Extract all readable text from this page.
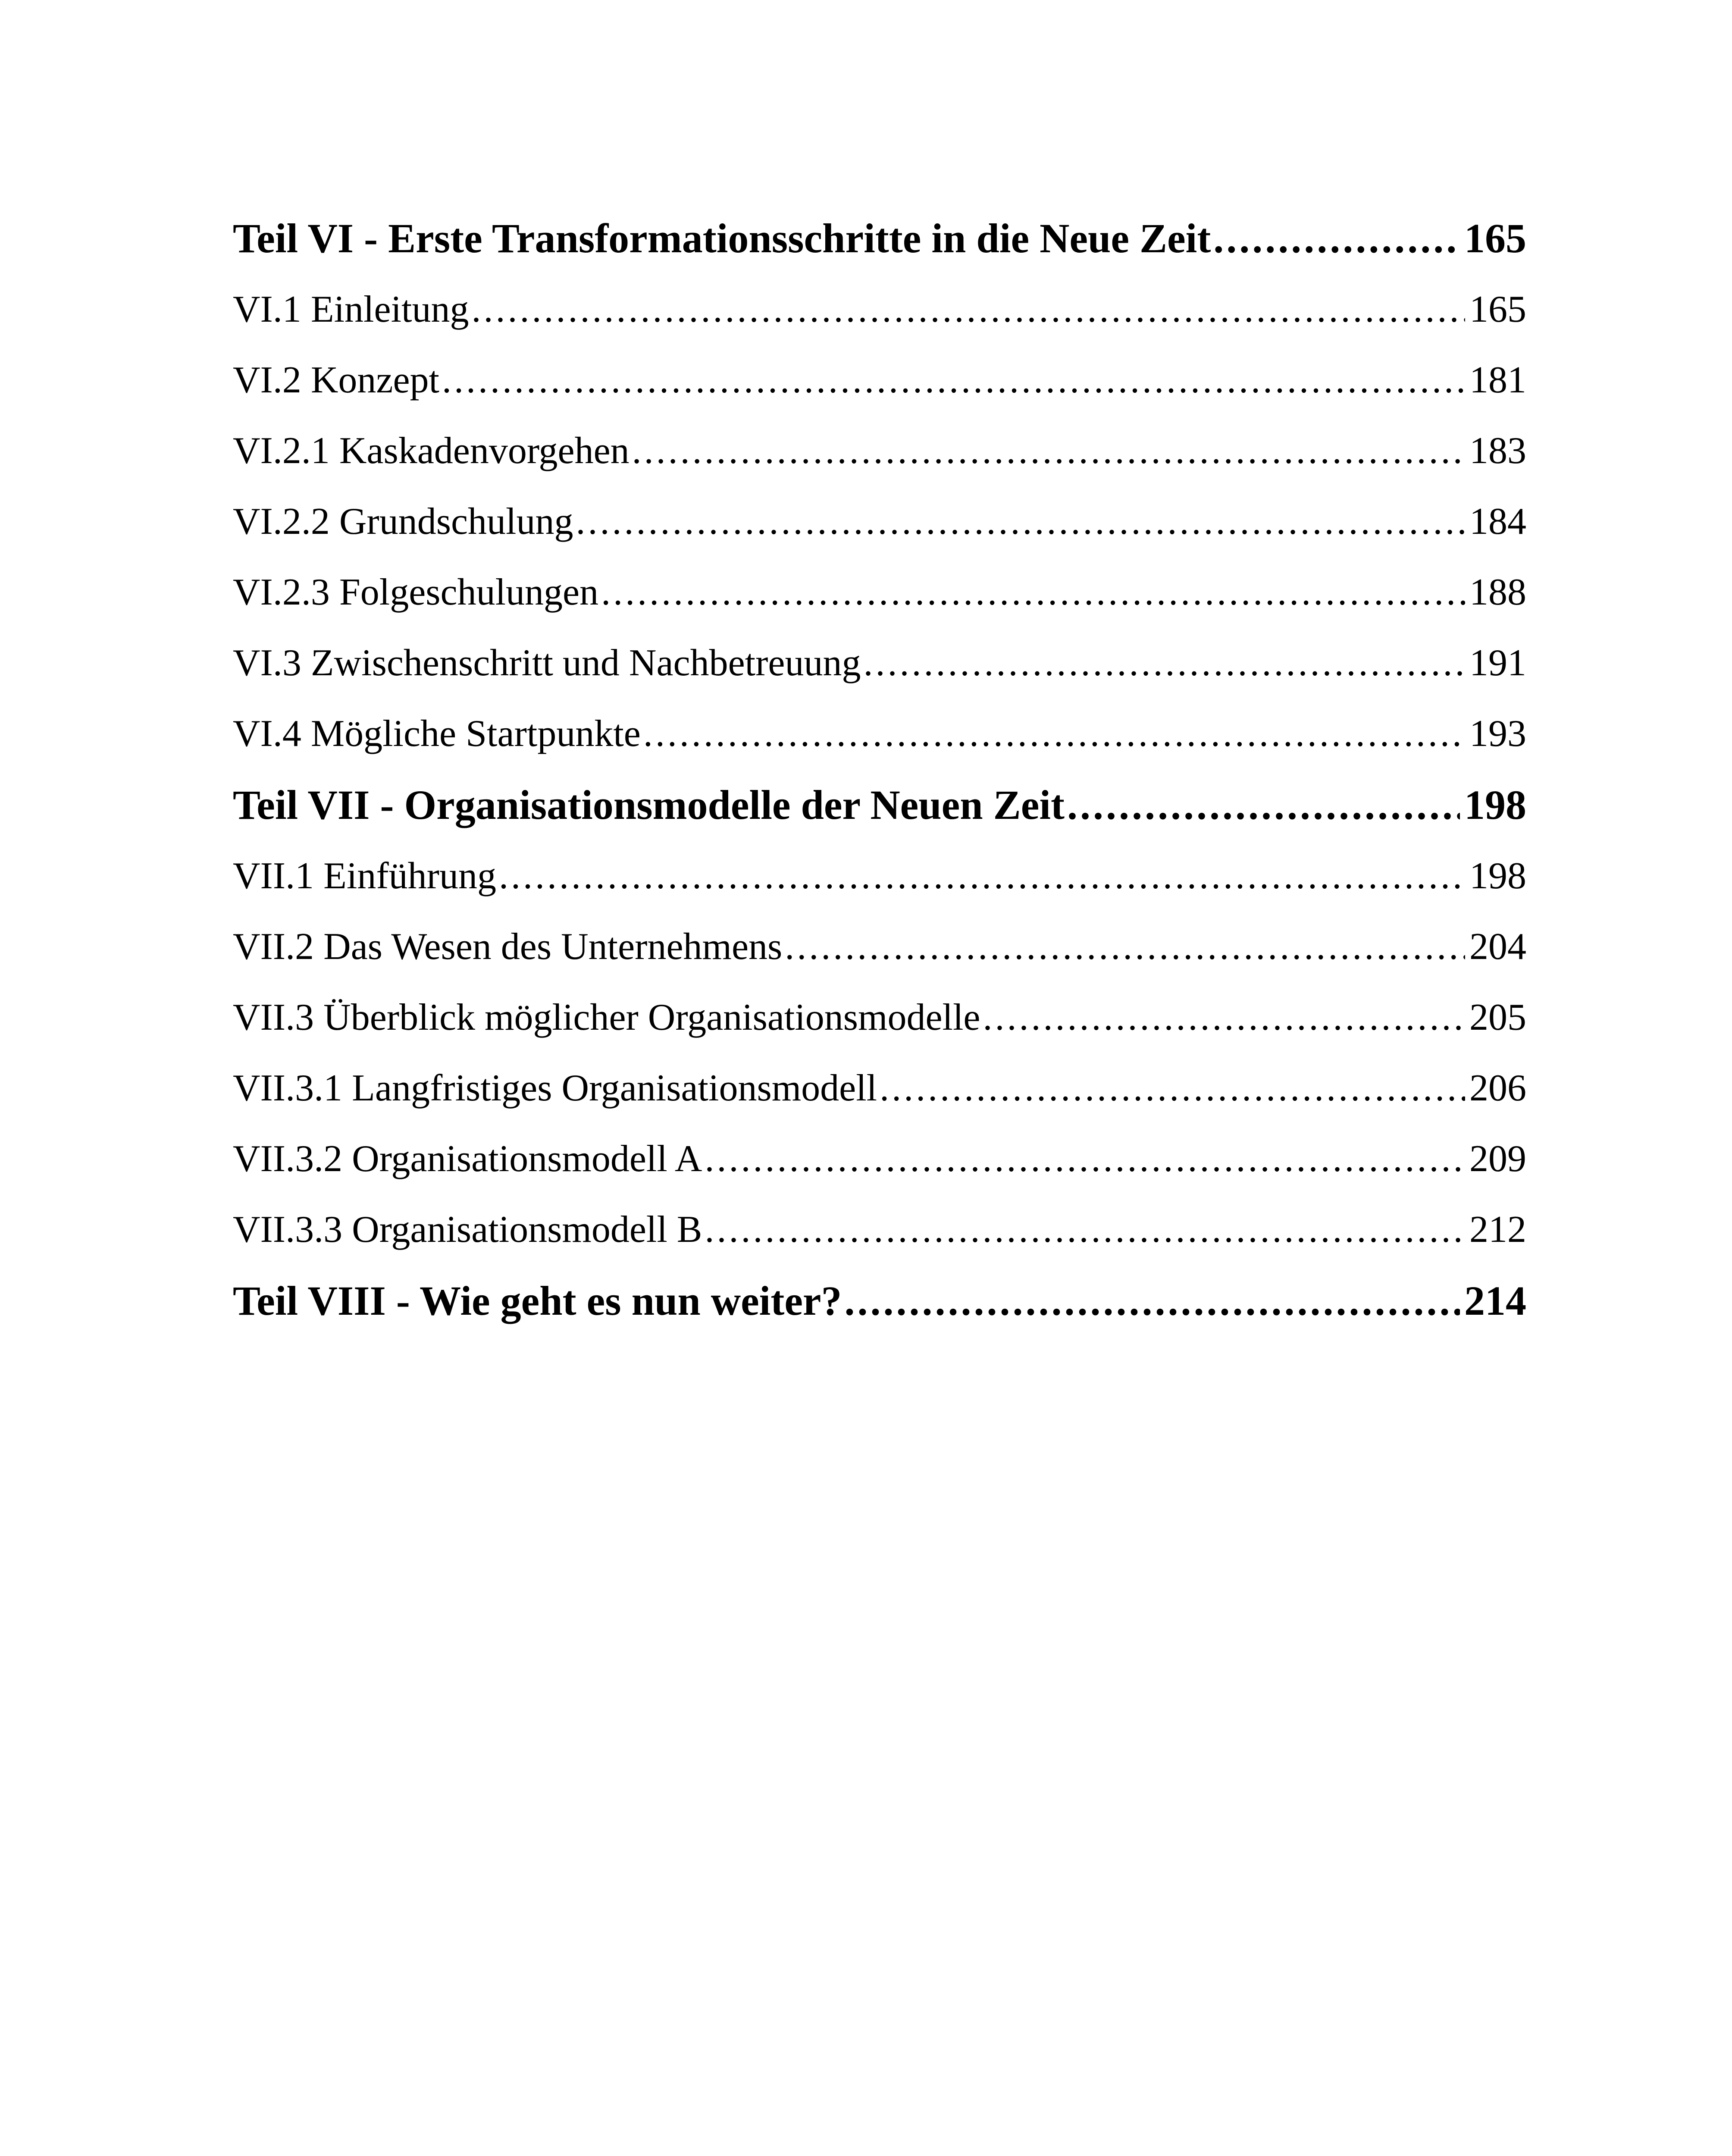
Teil VI - Erste Transformationsschritte in die Neue Zeit .....	165
VI.1 Einleitung .....	165
VI.2 Konzept .....	181
VI.2.1 Kaskadenvorgehen .....	183
VI.2.2 Grundschulung .....	184
VI.2.3 Folgeschulungen .....	188
VI.3 Zwischenschritt und Nachbetreuung .....	191
VI.4 Mögliche Startpunkte .....	193
Teil VII - Organisationsmodelle der Neuen Zeit .....	198
VII.1 Einführung .....	198
VII.2 Das Wesen des Unternehmens .....	204
VII.3 Überblick möglicher Organisationsmodelle .....	205
VII.3.1 Langfristiges Organisationsmodell .....	206
VII.3.2 Organisationsmodell A .....	209
VII.3.3 Organisationsmodell B .....	212
Teil VIII - Wie geht es nun weiter? .....	214
